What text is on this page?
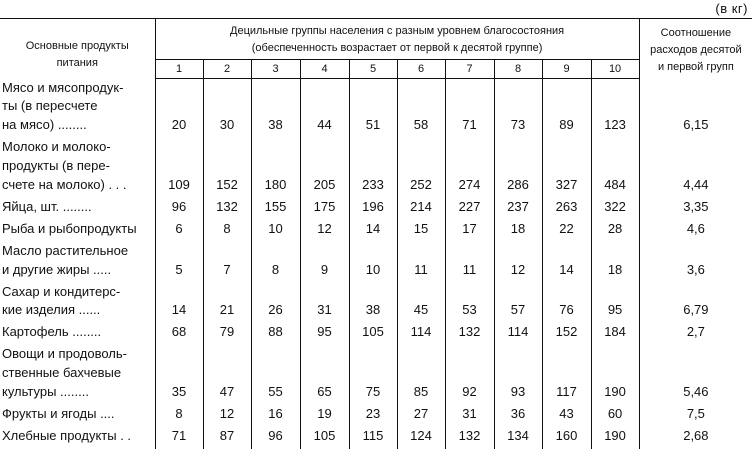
(в кг)
Основные продукты
питания	Децильные группы населения с разным уровнем благосостояния
(обеспеченность возрастает от первой к десятой группе)										Соотношение
расходов десятой
и первой групп

	1	2	3	4	5	6	7	8	9	10	

Мясо и мясопродук-
ты (в пересчете
на мясо) ........	20	30	38	44	51	58	71	73	89	123	6,15

Молоко и молоко-
продукты (в пере-
счете на молоко) . . .	109	152	180	205	233	252	274	286	327	484	4,44

Яйца, шт. ........	96	132	155	175	196	214	227	237	263	322	3,35

Рыба и рыбопродукты	6	8	10	12	14	15	17	18	22	28	4,6

Масло растительное
и другие жиры .....	5	7	8	9	10	11	11	12	14	18	3,6

Сахар и кондитерс-
кие изделия ......	14	21	26	31	38	45	53	57	76	95	6,79

Картофель ........	68	79	88	95	105	114	132	114	152	184	2,7

Овощи и продоволь-
ственные бахчевые
культуры ........	35	47	55	65	75	85	92	93	117	190	5,46

Фрукты и ягоды ....	8	12	16	19	23	27	31	36	43	60	7,5

Хлебные продукты . .	71	87	96	105	115	124	132	134	160	190	2,68
